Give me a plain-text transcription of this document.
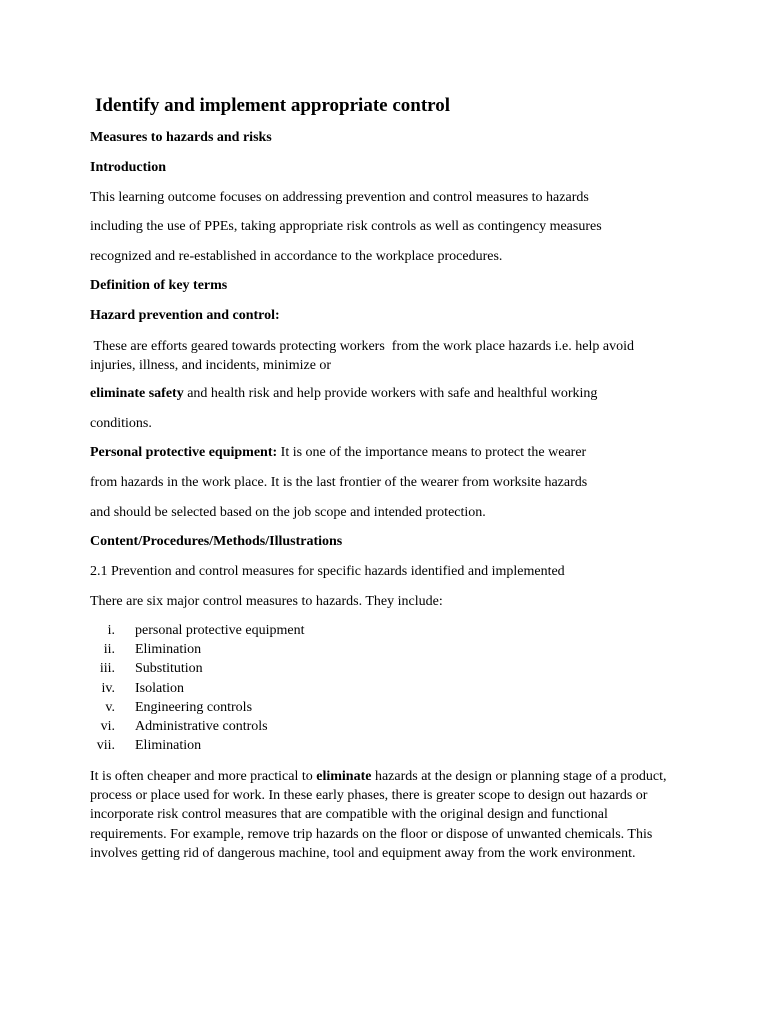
Identify and implement appropriate control
Measures to hazards and risks
Introduction
This learning outcome focuses on addressing prevention and control measures to hazards
including the use of PPEs, taking appropriate risk controls as well as contingency measures
recognized and re-established in accordance to the workplace procedures.
Definition of key terms
Hazard prevention and control:
These are efforts geared towards protecting workers  from the work place hazards i.e. help avoid injuries, illness, and incidents, minimize or
eliminate safety and health risk and help provide workers with safe and healthful working
conditions.
Personal protective equipment: It is one of the importance means to protect the wearer
from hazards in the work place. It is the last frontier of the wearer from worksite hazards
and should be selected based on the job scope and intended protection.
Content/Procedures/Methods/Illustrations
2.1 Prevention and control measures for specific hazards identified and implemented
There are six major control measures to hazards. They include:
i. personal protective equipment
ii. Elimination
iii. Substitution
iv. Isolation
v. Engineering controls
vi. Administrative controls
vii. Elimination
It is often cheaper and more practical to eliminate hazards at the design or planning stage of a product, process or place used for work. In these early phases, there is greater scope to design out hazards or incorporate risk control measures that are compatible with the original design and functional requirements. For example, remove trip hazards on the floor or dispose of unwanted chemicals. This involves getting rid of dangerous machine, tool and equipment away from the work environment.
